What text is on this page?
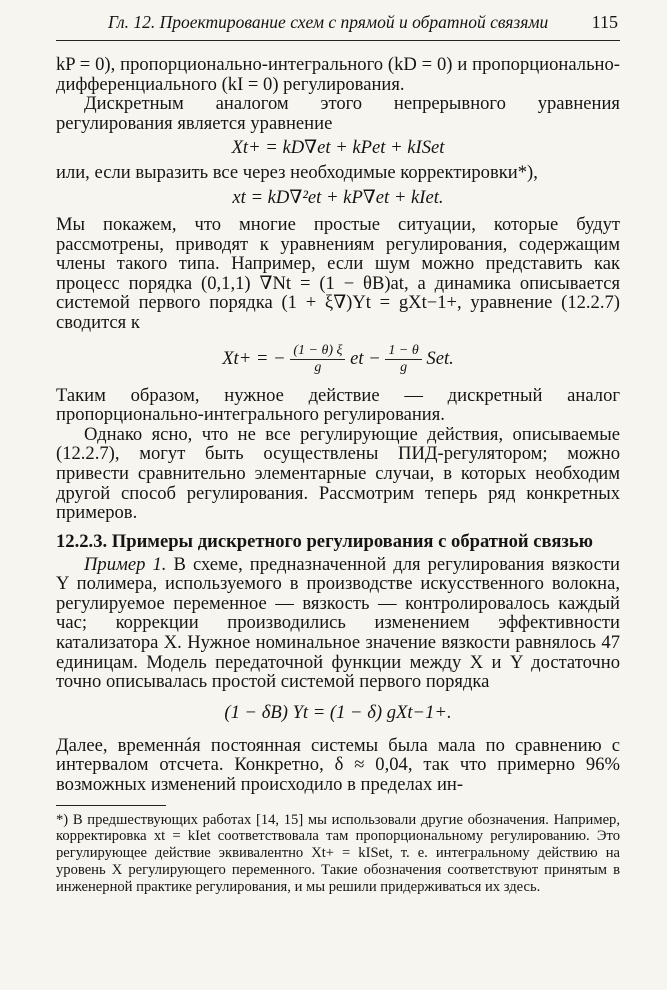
Гл. 12. Проектирование схем с прямой и обратной связями 115

kP = 0), пропорционально-интегрального (kD = 0) и пропорционально-дифференциального (kI = 0) регулирования.

Дискретным аналогом этого непрерывного уравнения регулирования является уравнение

Xt+ = kD∇et + kPet + kISet

или, если выразить все через необходимые корректировки*),

xt = kD∇²et + kP∇et + kIet.

Мы покажем, что многие простые ситуации, которые будут рассмотрены, приводят к уравнениям регулирования, содержащим члены такого типа. Например, если шум можно представить как процесс порядка (0,1,1) ∇Nt = (1 − θB)at, а динамика описывается системой первого порядка (1 + ξ∇)Yt = gXt−1+, уравнение (12.2.7) сводится к

Xt+ = − $\frac{(1 - \theta) \xi}{g}$ et − $\frac{1 - \theta}{g}$ Set.

Таким образом, нужное действие — дискретный аналог пропорционально-интегрального регулирования.

Однако ясно, что не все регулирующие действия, описываемые (12.2.7), могут быть осуществлены ПИД-регулятором; можно привести сравнительно элементарные случаи, в которых необходим другой способ регулирования. Рассмотрим теперь ряд конкретных примеров.

12.2.3. Примеры дискретного регулирования с обратной связью

Пример 1. В схеме, предназначенной для регулирования вязкости Y полимера, используемого в производстве искусственного волокна, регулируемое переменное — вязкость — контролировалось каждый час; коррекции производились изменением эффективности катализатора X. Нужное номинальное значение вязкости равнялось 47 единицам. Модель передаточной функции между X и Y достаточно точно описывалась простой системой первого порядка

(1 − δB) Yt = (1 − δ) gXt−1+.

Далее, временнáя постоянная системы была мала по сравнению с интервалом отсчета. Конкретно, δ ≈ 0,04, так что примерно 96% возможных изменений происходило в пределах ин-

*) В предшествующих работах [14, 15] мы использовали другие обозначения. Например, корректировка xt = kIet соответствовала там пропорциональному регулированию. Это регулирующее действие эквивалентно Xt+ = kISet, т. е. интегральному действию на уровень X регулирующего переменного. Такие обозначения соответствуют принятым в инженерной практике регулирования, и мы решили придерживаться их здесь.
